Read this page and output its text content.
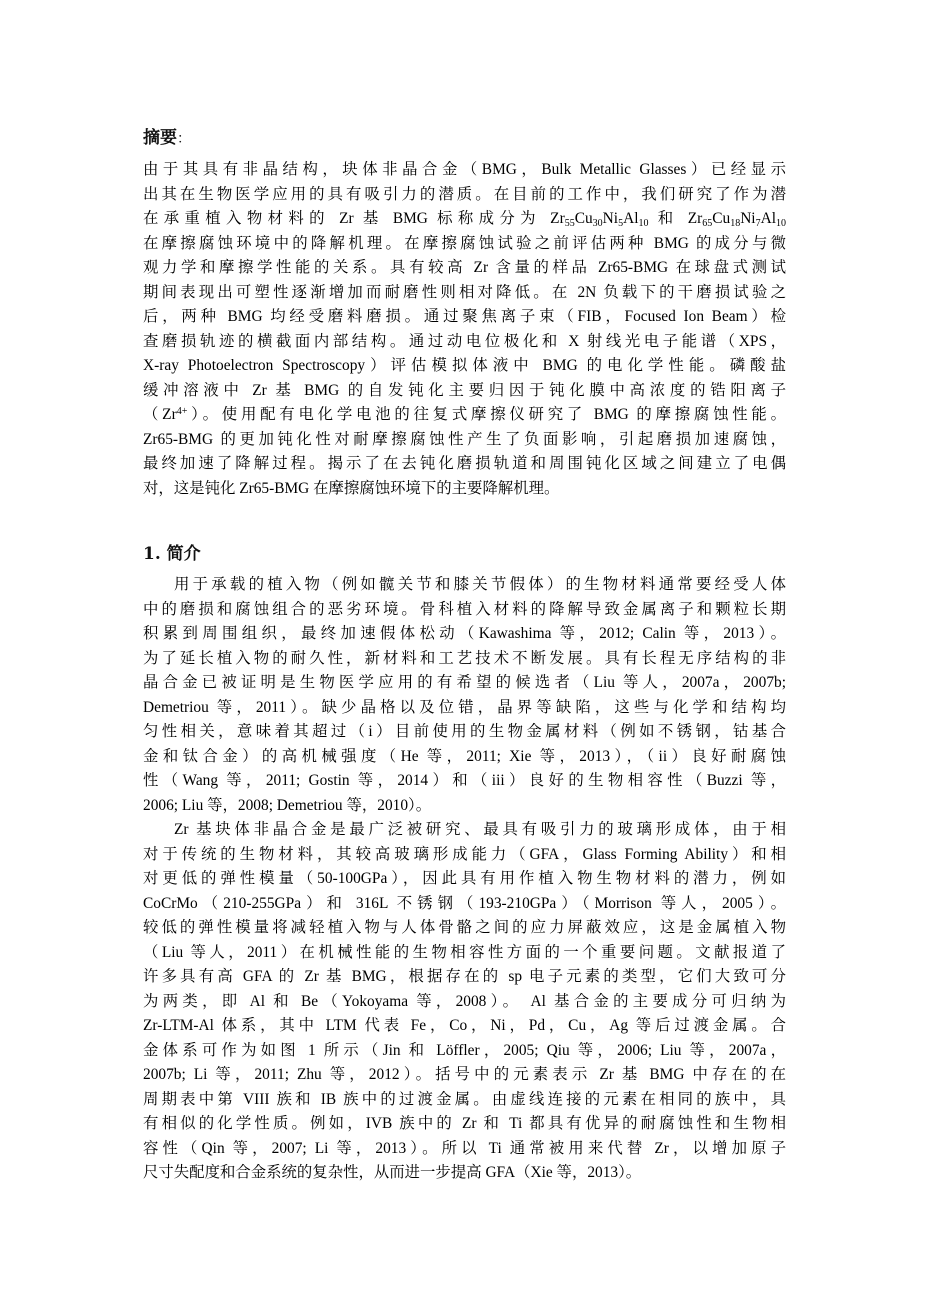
摘要：
由于其具有非晶结构，块体非晶合金（BMG，Bulk Metallic Glasses）已经显示
出其在生物医学应用的具有吸引力的潜质。在目前的工作中，我们研究了作为潜
在承重植入物材料的 Zr 基 BMG 标称成分为 $Zr_{55}Cu_{30}Ni_5Al_{10}$ 和 $Zr_{65}Cu_{18}Ni_7Al_{10}$
在摩擦腐蚀环境中的降解机理。在摩擦腐蚀试验之前评估两种 BMG 的成分与微
观力学和摩擦学性能的关系。具有较高 Zr 含量的样品 Zr65-BMG 在球盘式测试
期间表现出可塑性逐渐增加而耐磨性则相对降低。在 2N 负载下的干磨损试验之
后，两种 BMG 均经受磨料磨损。通过聚焦离子束（FIB，Focused Ion Beam）检
查磨损轨迹的横截面内部结构。通过动电位极化和 X 射线光电子能谱（XPS，
X-ray Photoelectron Spectroscopy）评估模拟体液中 BMG 的电化学性能。磷酸盐
缓冲溶液中 Zr 基 BMG 的自发钝化主要归因于钝化膜中高浓度的锆阳离子
$(Zr^{4+})$。使用配有电化学电池的往复式摩擦仪研究了 BMG 的摩擦腐蚀性能。
Zr65-BMG 的更加钝化性对耐摩擦腐蚀性产生了负面影响，引起磨损加速腐蚀，
最终加速了降解过程。揭示了在去钝化磨损轨道和周围钝化区域之间建立了电偶
对，这是钝化 Zr65-BMG 在摩擦腐蚀环境下的主要降解机理。
1. 简介
用于承载的植入物（例如髋关节和膝关节假体）的生物材料通常要经受人体
中的磨损和腐蚀组合的恶劣环境。骨科植入材料的降解导致金属离子和颗粒长期
积累到周围组织，最终加速假体松动（Kawashima 等，2012; Calin 等，2013）。
为了延长植入物的耐久性，新材料和工艺技术不断发展。具有长程无序结构的非
晶合金已被证明是生物医学应用的有希望的候选者（Liu 等人，2007a，2007b;
Demetriou 等，2011）。缺少晶格以及位错，晶界等缺陷，这些与化学和结构均
匀性相关，意味着其超过（i）目前使用的生物金属材料（例如不锈钢，钴基合
金和钛合金）的高机械强度（He 等，2011; Xie 等，2013），（ii）良好耐腐蚀
性（Wang 等，2011; Gostin 等，2014）和（iii）良好的生物相容性（Buzzi 等，
2006; Liu 等，2008; Demetriou 等，2010）。
Zr 基块体非晶合金是最广泛被研究、最具有吸引力的玻璃形成体，由于相
对于传统的生物材料，其较高玻璃形成能力（GFA，Glass Forming Ability）和相
对更低的弹性模量（50-100GPa），因此具有用作植入物生物材料的潜力，例如
CoCrMo（210-255GPa）和 316L 不锈钢（193-210GPa）（Morrison 等人，2005）。
较低的弹性模量将减轻植入物与人体骨骼之间的应力屏蔽效应，这是金属植入物
（Liu 等人，2011）在机械性能的生物相容性方面的一个重要问题。文献报道了
许多具有高 GFA 的 Zr 基 BMG，根据存在的 sp 电子元素的类型，它们大致可分
为两类，即 Al 和 Be（Yokoyama 等，2008）。 Al 基合金的主要成分可归纳为
Zr-LTM-Al 体系，其中 LTM 代表 Fe，Co，Ni，Pd，Cu，Ag 等后过渡金属。合
金体系可作为如图 1 所示（Jin 和 Löffler，2005; Qiu 等，2006; Liu 等，2007a，
2007b; Li 等，2011; Zhu 等，2012）。括号中的元素表示 Zr 基 BMG 中存在的在
周期表中第 VIII 族和 IB 族中的过渡金属。由虚线连接的元素在相同的族中，具
有相似的化学性质。例如，IVB 族中的 Zr 和 Ti 都具有优异的耐腐蚀性和生物相
容性（Qin 等，2007; Li 等，2013）。所以 Ti 通常被用来代替 Zr，以增加原子
尺寸失配度和合金系统的复杂性，从而进一步提高 GFA（Xie 等，2013）。
